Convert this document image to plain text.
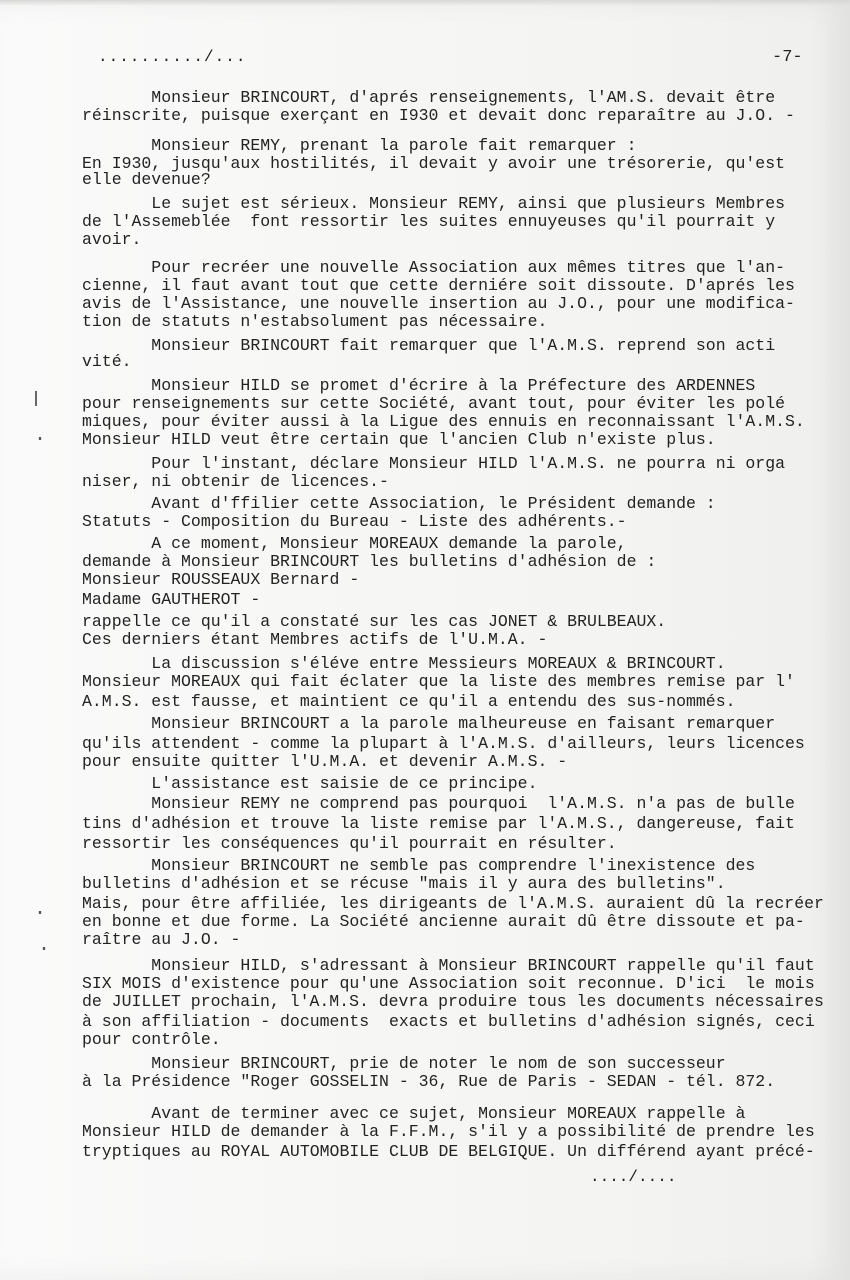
........../...	-7-
ǀ
·
·
·
Monsieur BRINCOURT, d'aprés renseignements, l'AM.S. devait être
réinscrite, puisque exerçant en I930 et devait donc reparaître au J.O. -
Monsieur REMY, prenant la parole fait remarquer :
En I930, jusqu'aux hostilités, il devait y avoir une trésorerie, qu'est
elle devenue?
Le sujet est sérieux. Monsieur REMY, ainsi que plusieurs Membres
de l'Assemeblée  font ressortir les suites ennuyeuses qu'il pourrait y
avoir.
Pour recréer une nouvelle Association aux mêmes titres que l'an-
cienne, il faut avant tout que cette derniére soit dissoute. D'aprés les
avis de l'Assistance, une nouvelle insertion au J.O., pour une modifica-
tion de statuts n'estabsolument pas nécessaire.
Monsieur BRINCOURT fait remarquer que l'A.M.S. reprend son acti
vité.
Monsieur HILD se promet d'écrire à la Préfecture des ARDENNES
pour renseignements sur cette Société, avant tout, pour éviter les polé
miques, pour éviter aussi à la Ligue des ennuis en reconnaissant l'A.M.S.
Monsieur HILD veut être certain que l'ancien Club n'existe plus.
Pour l'instant, déclare Monsieur HILD l'A.M.S. ne pourra ni orga
niser, ni obtenir de licences.-
Avant d'ffilier cette Association, le Président demande :
Statuts - Composition du Bureau - Liste des adhérents.-
A ce moment, Monsieur MOREAUX demande la parole,
demande à Monsieur BRINCOURT les bulletins d'adhésion de :
Monsieur ROUSSEAUX Bernard -
Madame GAUTHEROT -
rappelle ce qu'il a constaté sur les cas JONET & BRULBEAUX.
Ces derniers étant Membres actifs de l'U.M.A. -
La discussion s'éléve entre Messieurs MOREAUX & BRINCOURT.
Monsieur MOREAUX qui fait éclater que la liste des membres remise par l'
A.M.S. est fausse, et maintient ce qu'il a entendu des sus-nommés.
Monsieur BRINCOURT a la parole malheureuse en faisant remarquer
qu'ils attendent - comme la plupart à l'A.M.S. d'ailleurs, leurs licences
pour ensuite quitter l'U.M.A. et devenir A.M.S. -
L'assistance est saisie de ce principe.
Monsieur REMY ne comprend pas pourquoi  l'A.M.S. n'a pas de bulle
tins d'adhésion et trouve la liste remise par l'A.M.S., dangereuse, fait
ressortir les conséquences qu'il pourrait en résulter.
Monsieur BRINCOURT ne semble pas comprendre l'inexistence des
bulletins d'adhésion et se récuse "mais il y aura des bulletins".
Mais, pour être affiliée, les dirigeants de l'A.M.S. auraient dû la recréer
en bonne et due forme. La Société ancienne aurait dû être dissoute et pa-
raître au J.O. -
Monsieur HILD, s'adressant à Monsieur BRINCOURT rappelle qu'il faut
SIX MOIS d'existence pour qu'une Association soit reconnue. D'ici  le mois
de JUILLET prochain, l'A.M.S. devra produire tous les documents nécessaires
à son affiliation - documents  exacts et bulletins d'adhésion signés, ceci
pour contrôle.
Monsieur BRINCOURT, prie de noter le nom de son successeur
à la Présidence "Roger GOSSELIN - 36, Rue de Paris - SEDAN - tél. 872.
Avant de terminer avec ce sujet, Monsieur MOREAUX rappelle à
Monsieur HILD de demander à la F.F.M., s'il y a possibilité de prendre les
tryptiques au ROYAL AUTOMOBILE CLUB DE BELGIQUE. Un différend ayant précé-
..../....
